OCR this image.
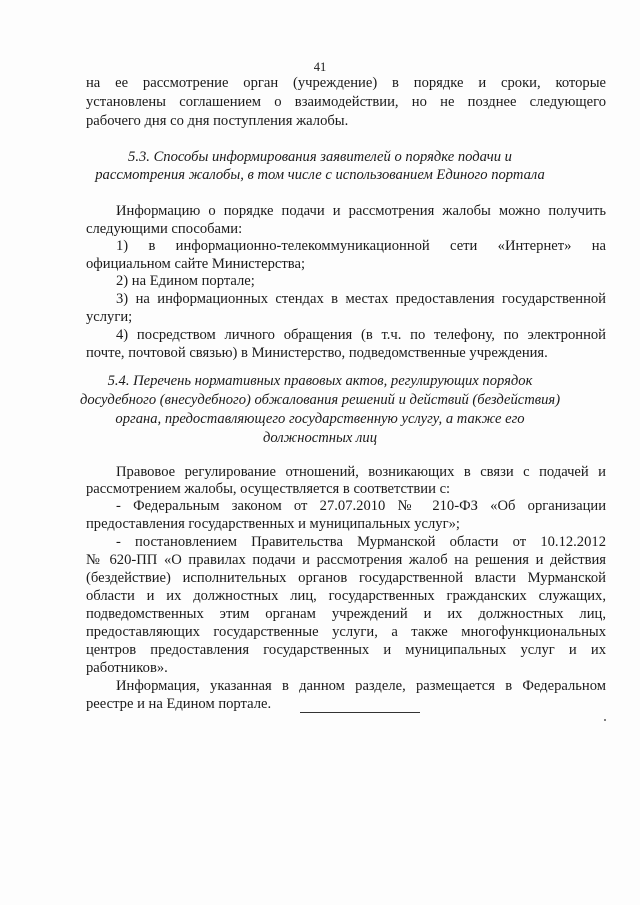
41
на ее рассмотрение орган (учреждение) в порядке и сроки, которые
установлены соглашением о взаимодействии, но не позднее следующего
рабочего дня со дня поступления жалобы.
5.3. Способы информирования заявителей о порядке подачи и
рассмотрения жалобы, в том числе с использованием Единого портала
Информацию о порядке подачи и рассмотрения жалобы можно получить
следующими способами:
1) в информационно-телекоммуникационной сети «Интернет» на
официальном сайте Министерства;
2) на Едином портале;
3) на информационных стендах в местах предоставления государственной
услуги;
4) посредством личного обращения (в т.ч. по телефону, по электронной
почте, почтовой связью) в Министерство, подведомственные учреждения.
5.4. Перечень нормативных правовых актов, регулирующих порядок
досудебного (внесудебного) обжалования решений и действий (бездействия)
органа, предоставляющего государственную услугу, а также его
должностных лиц
Правовое регулирование отношений, возникающих в связи с подачей и
рассмотрением жалобы, осуществляется в соответствии с:
- Федеральным законом от 27.07.2010 № 210-ФЗ «Об организации
предоставления государственных и муниципальных услуг»;
- постановлением Правительства Мурманской области от 10.12.2012
№ 620-ПП «О правилах подачи и рассмотрения жалоб на решения и действия
(бездействие) исполнительных органов государственной власти Мурманской
области и их должностных лиц, государственных гражданских служащих,
подведомственных этим органам учреждений и их должностных лиц,
предоставляющих государственные услуги, а также многофункциональных
центров предоставления государственных и муниципальных услуг и их
работников».
Информация, указанная в данном разделе, размещается в Федеральном
реестре и на Едином портале.
